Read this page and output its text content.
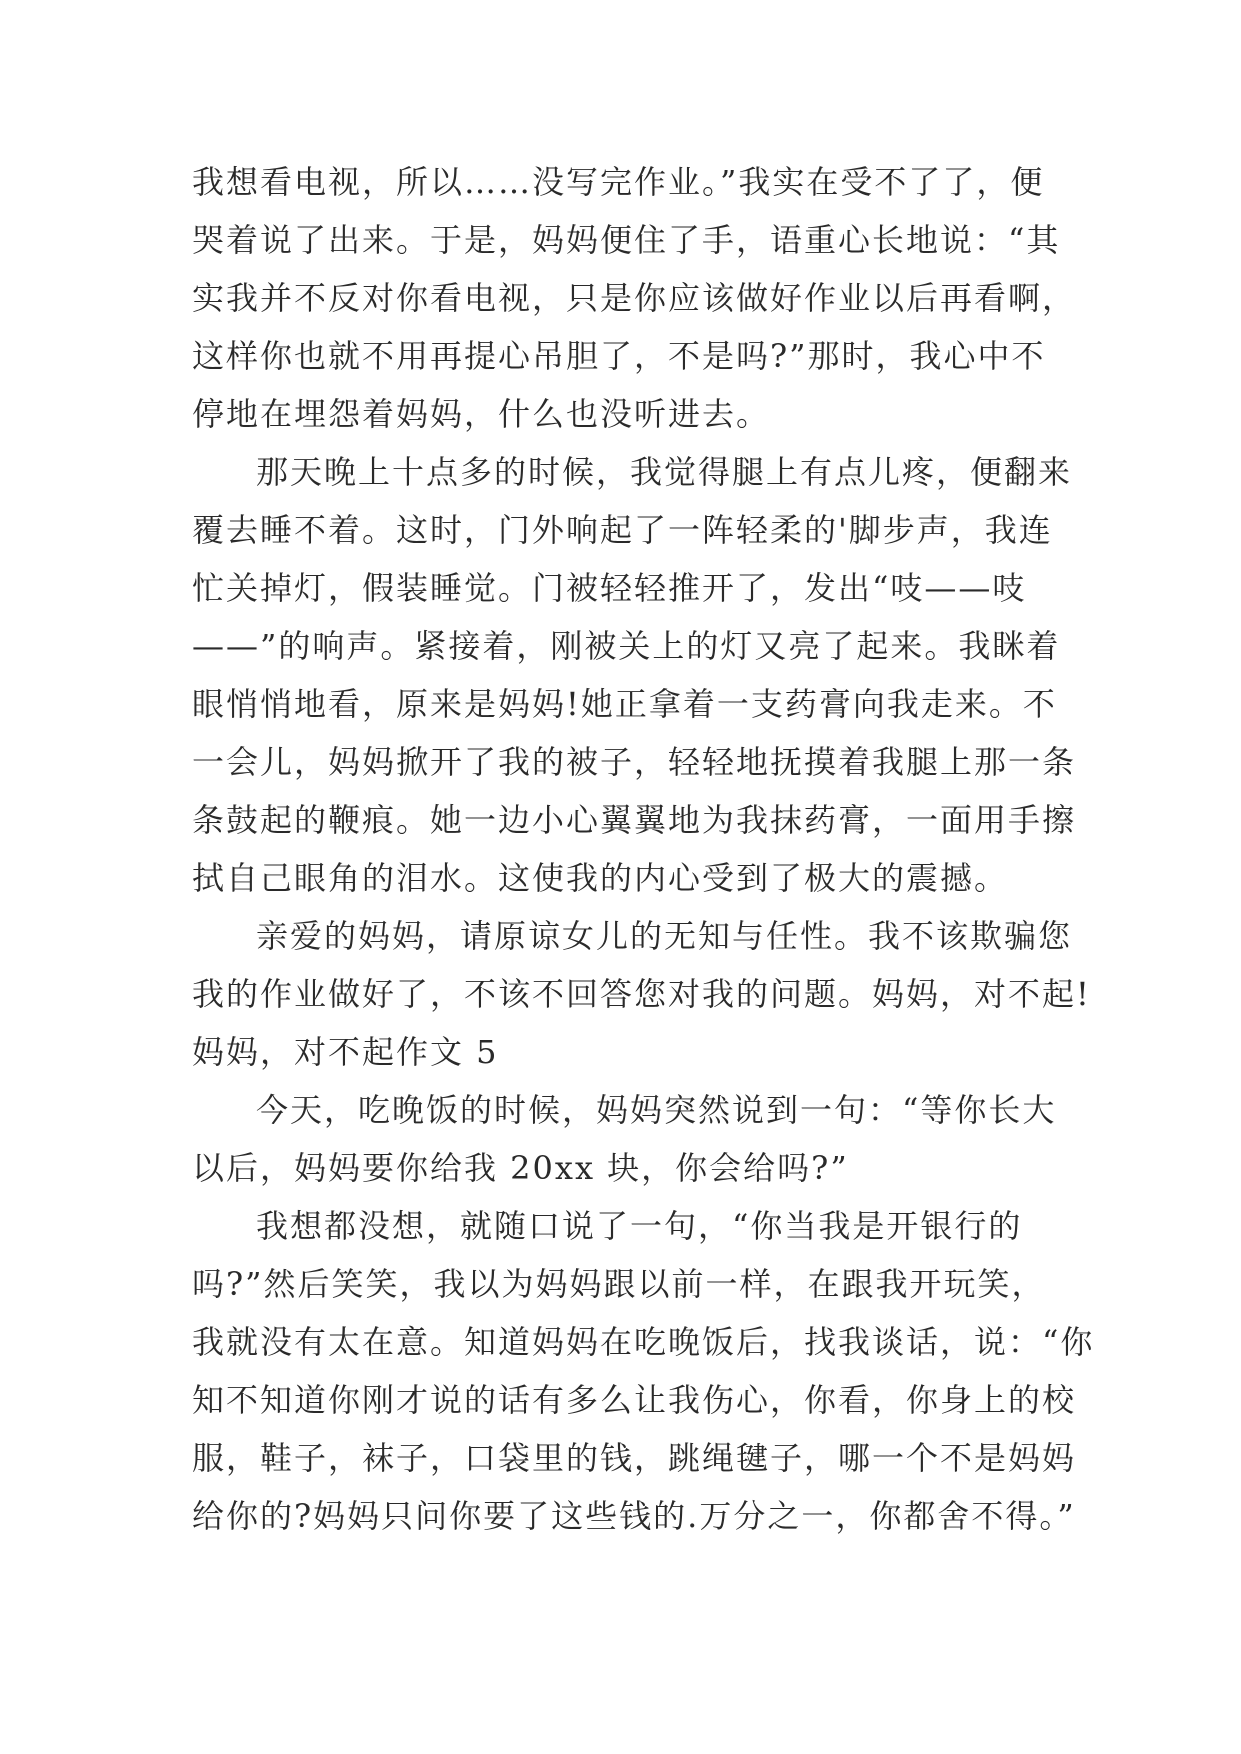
我想看电视，所以……没写完作业。”我实在受不了了，便
哭着说了出来。于是，妈妈便住了手，语重心长地说：“其
实我并不反对你看电视，只是你应该做好作业以后再看啊，
这样你也就不用再提心吊胆了，不是吗?”那时，我心中不
停地在埋怨着妈妈，什么也没听进去。
那天晚上十点多的时候，我觉得腿上有点儿疼，便翻来
覆去睡不着。这时，门外响起了一阵轻柔的'脚步声，我连
忙关掉灯，假装睡觉。门被轻轻推开了，发出“吱——吱
——”的响声。紧接着，刚被关上的灯又亮了起来。我眯着
眼悄悄地看，原来是妈妈!她正拿着一支药膏向我走来。不
一会儿，妈妈掀开了我的被子，轻轻地抚摸着我腿上那一条
条鼓起的鞭痕。她一边小心翼翼地为我抹药膏，一面用手擦
拭自己眼角的泪水。这使我的内心受到了极大的震撼。
亲爱的妈妈，请原谅女儿的无知与任性。我不该欺骗您
我的作业做好了，不该不回答您对我的问题。妈妈，对不起!
妈妈，对不起作文 5
今天，吃晚饭的时候，妈妈突然说到一句：“等你长大
以后，妈妈要你给我 20xx 块，你会给吗?”
我想都没想，就随口说了一句，“你当我是开银行的
吗?”然后笑笑，我以为妈妈跟以前一样，在跟我开玩笑，
我就没有太在意。知道妈妈在吃晚饭后，找我谈话，说：“你
知不知道你刚才说的话有多么让我伤心，你看，你身上的校
服，鞋子，袜子，口袋里的钱，跳绳毽子，哪一个不是妈妈
给你的?妈妈只问你要了这些钱的.万分之一，你都舍不得。”
